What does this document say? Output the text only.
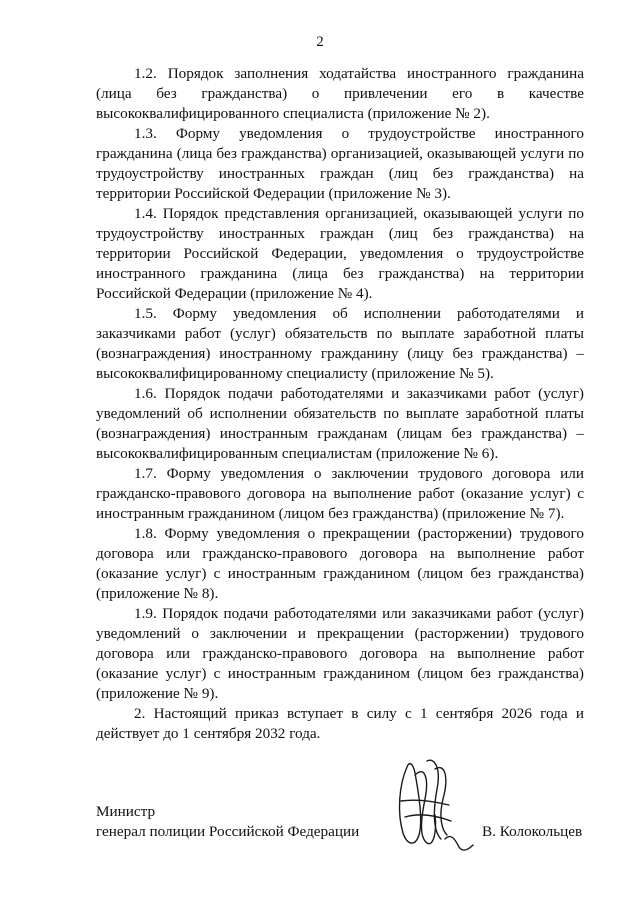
2

1.2. Порядок заполнения ходатайства иностранного гражданина (лица без гражданства) о привлечении его в качестве высококвалифицированного специалиста (приложение № 2).

1.3. Форму уведомления о трудоустройстве иностранного гражданина (лица без гражданства) организацией, оказывающей услуги по трудоустройству иностранных граждан (лиц без гражданства) на территории Российской Федерации (приложение № 3).

1.4. Порядок представления организацией, оказывающей услуги по трудоустройству иностранных граждан (лиц без гражданства) на территории Российской Федерации, уведомления о трудоустройстве иностранного гражданина (лица без гражданства) на территории Российской Федерации (приложение № 4).

1.5. Форму уведомления об исполнении работодателями и заказчиками работ (услуг) обязательств по выплате заработной платы (вознаграждения) иностранному гражданину (лицу без гражданства) – высококвалифицированному специалисту (приложение № 5).

1.6. Порядок подачи работодателями и заказчиками работ (услуг) уведомлений об исполнении обязательств по выплате заработной платы (вознаграждения) иностранным гражданам (лицам без гражданства) – высококвалифицированным специалистам (приложение № 6).

1.7. Форму уведомления о заключении трудового договора или гражданско-правового договора на выполнение работ (оказание услуг) с иностранным гражданином (лицом без гражданства) (приложение № 7).

1.8. Форму уведомления о прекращении (расторжении) трудового договора или гражданско-правового договора на выполнение работ (оказание услуг) с иностранным гражданином (лицом без гражданства) (приложение № 8).

1.9. Порядок подачи работодателями или заказчиками работ (услуг) уведомлений о заключении и прекращении (расторжении) трудового договора или гражданско-правового договора на выполнение работ (оказание услуг) с иностранным гражданином (лицом без гражданства) (приложение № 9).

2. Настоящий приказ вступает в силу с 1 сентября 2026 года и действует до 1 сентября 2032 года.

Министр
генерал полиции Российской Федерации	В. Колокольцев
